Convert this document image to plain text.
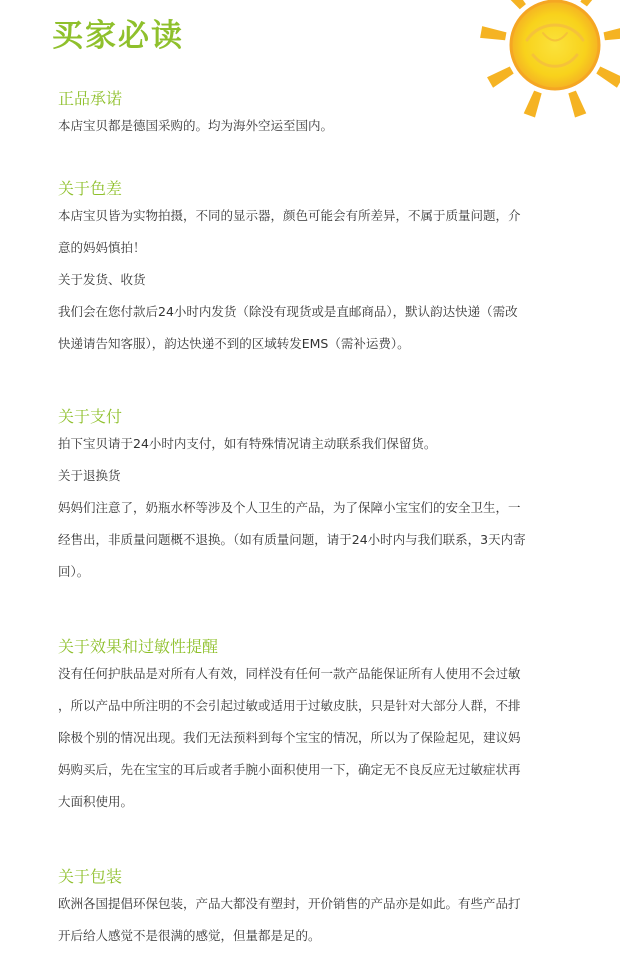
买家必读

正品承诺

本店宝贝都是德国采购的。均为海外空运至国内。

关于色差

本店宝贝皆为实物拍摄，不同的显示器，颜色可能会有所差异，不属于质量问题，介

意的妈妈慎拍！

关于发货、收货

我们会在您付款后24小时内发货（除没有现货或是直邮商品），默认韵达快递（需改

快递请告知客服），韵达快递不到的区域转发EMS（需补运费）。

关于支付

拍下宝贝请于24小时内支付，如有特殊情况请主动联系我们保留货。

关于退换货

妈妈们注意了，奶瓶水杯等涉及个人卫生的产品，为了保障小宝宝们的安全卫生，一

经售出，非质量问题概不退换。（如有质量问题，请于24小时内与我们联系，3天内寄

回）。

关于效果和过敏性提醒

没有任何护肤品是对所有人有效，同样没有任何一款产品能保证所有人使用不会过敏

，所以产品中所注明的不会引起过敏或适用于过敏皮肤，只是针对大部分人群，不排

除极个别的情况出现。我们无法预料到每个宝宝的情况，所以为了保险起见，建议妈

妈购买后，先在宝宝的耳后或者手腕小面积使用一下，确定无不良反应无过敏症状再

大面积使用。

关于包装

欧洲各国提倡环保包装，产品大都没有塑封，开价销售的产品亦是如此。有些产品打

开后给人感觉不是很满的感觉，但量都是足的。
